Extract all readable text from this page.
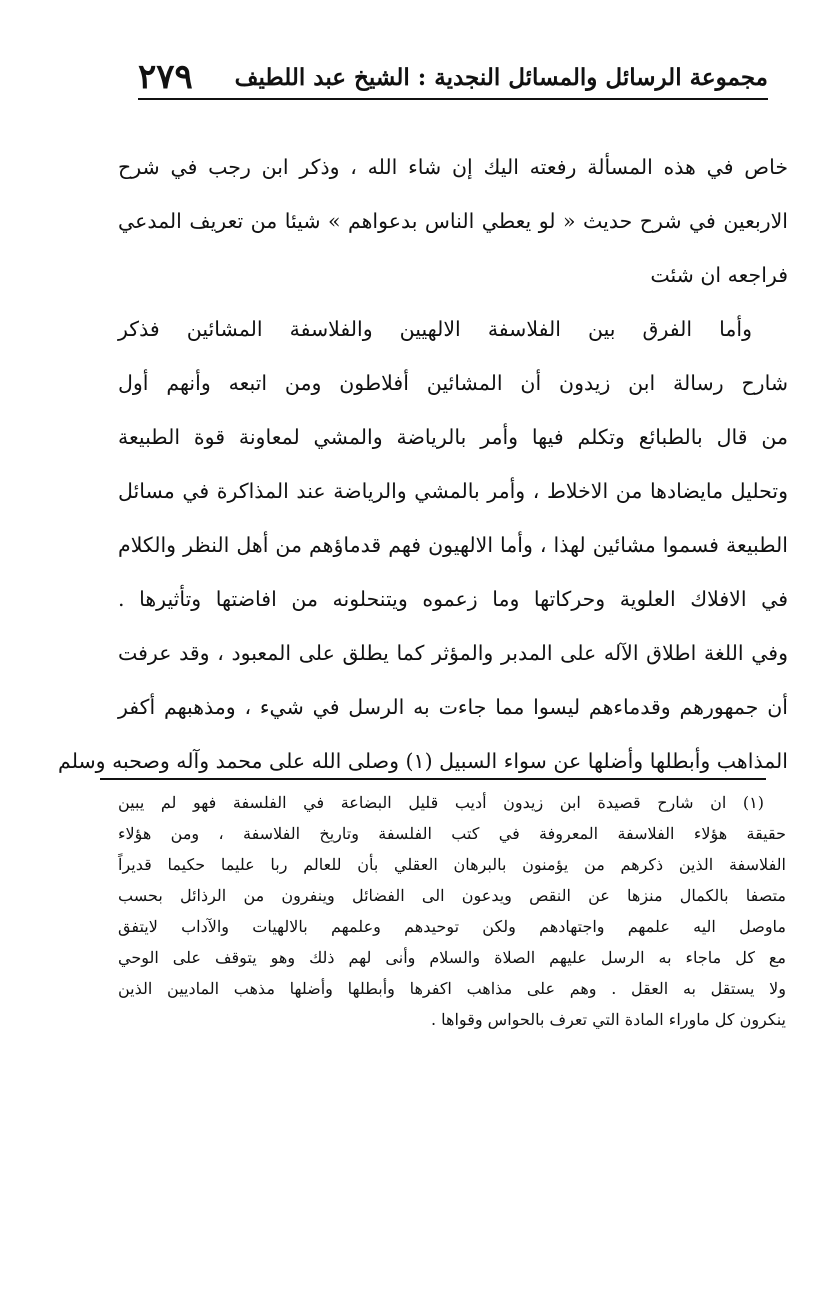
مجموعة الرسائل والمسائل النجدية : الشيخ عبد اللطيف
٢٧٩
خاص في هذه المسألة رفعته اليك إن شاء الله ، وذكر ابن رجب في شرح
الاربعين في شرح حديث « لو يعطي الناس بدعواهم » شيئا من تعريف المدعي
فراجعه ان شئت
وأما الفرق بين الفلاسفة الالهيين والفلاسفة المشائين فذكر
شارح رسالة ابن زيدون أن المشائين أفلاطون ومن اتبعه وأنهم أول
من قال بالطبائع وتكلم فيها وأمر بالرياضة والمشي لمعاونة قوة الطبيعة
وتحليل مايضادها من الاخلاط ، وأمر بالمشي والرياضة عند المذاكرة في مسائل
الطبيعة فسموا مشائين لهذا ، وأما الالهيون فهم قدماؤهم من أهل النظر والكلام
في الافلاك العلوية وحركاتها وما زعموه ويتنحلونه من افاضتها وتأثيرها .
وفي اللغة اطلاق الآله على المدبر والمؤثر كما يطلق على المعبود ، وقد عرفت
أن جمهورهم وقدماءهم ليسوا مما جاءت به الرسل في شيء ، ومذهبهم أكفر
المذاهب وأبطلها وأضلها عن سواء السبيل (١) وصلى الله على محمد وآله وصحبه وسلم
(١) ان شارح قصيدة ابن زيدون أديب قليل البضاعة في الفلسفة فهو لم يبين
حقيقة هؤلاء الفلاسفة المعروفة في كتب الفلسفة وتاريخ الفلاسفة ، ومن هؤلاء
الفلاسفة الذين ذكرهم من يؤمنون بالبرهان العقلي بأن للعالم ربا عليما حكيما قديراً
متصفا بالكمال منزها عن النقص ويدعون الى الفضائل وينفرون من الرذائل بحسب
ماوصل اليه علمهم واجتهادهم ولكن توحيدهم وعلمهم بالالهيات والآداب لايتفق
مع كل ماجاء به الرسل عليهم الصلاة والسلام وأنى لهم ذلك وهو يتوقف على الوحي
ولا يستقل به العقل . وهم على مذاهب اكفرها وأبطلها وأضلها مذهب الماديين الذين
ينكرون كل ماوراء المادة التي تعرف بالحواس وقواها .
